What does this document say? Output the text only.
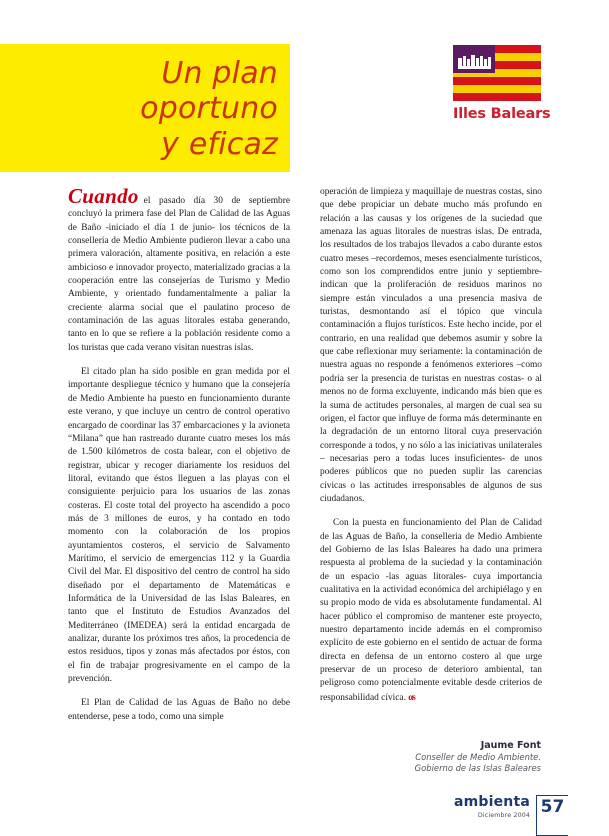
Un plan
oportuno
y eficaz
Illes Balears

Cuando el pasado día 30 de septiembre concluyó la primera fase del Plan de Calidad de las Aguas de Baño -iniciado el día 1 de junio- los técnicos de la conselleria de Medio Ambiente pudieron llevar a cabo una primera valoración, altamente positiva, en relación a este ambicioso e innovador proyecto, materializado gracias a la cooperación entre las consejerías de Turismo y Medio Ambiente, y orientado fundamentalmente a paliar la creciente alarma social que el paulatino proceso de contaminación de las aguas litorales estaba generando, tanto en lo que se refiere a la población residente como a los turistas que cada verano visitan nuestras islas.

El citado plan ha sido posible en gran medida por el importante despliegue técnico y humano que la consejería de Medio Ambiente ha puesto en funcionamiento durante este verano, y que incluye un centro de control operativo encargado de coordinar las 37 embarcaciones y la avioneta “Milana” que han rastreado durante cuatro meses los más de 1.500 kilómetros de costa balear, con el objetivo de registrar, ubicar y recoger diariamente los residuos del litoral, evitando que éstos lleguen a las playas con el consiguiente perjuicio para los usuarios de las zonas costeras. El coste total del proyecto ha ascendido a poco más de 3 millones de euros, y ha contado en todo momento con la colaboración de los propios ayuntamientos costeros, el servicio de Salvamento Marítimo, el servicio de emergencias 112 y la Guardia Civil del Mar. El dispositivo del centro de control ha sido diseñado por el departamento de Matemáticas e Informática de la Universidad de las Islas Baleares, en tanto que el Instituto de Estudios Avanzados del Mediterráneo (IMEDEA) será la entidad encargada de analizar, durante los próximos tres años, la procedencia de estos residuos, tipos y zonas más afectados por éstos, con el fin de trabajar progresivamente en el campo de la prevención.

El Plan de Calidad de las Aguas de Baño no debe entenderse, pese a todo, como una simple

operación de limpieza y maquillaje de nuestras costas, sino que debe propiciar un debate mucho más profundo en relación a las causas y los orígenes de la suciedad que amenaza las aguas litorales de nuestras islas. De entrada, los resultados de los trabajos llevados a cabo durante estos cuatro meses –recordemos, meses esencialmente turísticos, como son los comprendidos entre junio y septiembre- indican que la proliferación de residuos marinos no siempre están vinculados a una presencia masiva de turistas, desmontando así el tópico que vincula contaminación a flujos turísticos. Este hecho incide, por el contrario, en una realidad que debemos asumir y sobre la que cabe reflexionar muy seriamente: la contaminación de nuestra aguas no responde a fenómenos exteriores –como podría ser la presencia de turistas en nuestras costas- o al menos no de forma excluyente, indicando más bien que es la suma de actitudes personales, al margen de cual sea su origen, el factor que influye de forma más determinante en la degradación de un entorno litoral cuya preservación corresponde a todos, y no sólo a las iniciativas unilaterales – necesarias pero a todas luces insuficientes- de unos poderes públicos que no pueden suplir las carencias cívicas o las actitudes irresponsables de algunos de sus ciudadanos.

Con la puesta en funcionamiento del Plan de Calidad de las Aguas de Baño, la conselleria de Medio Ambiente del Gobierno de las Islas Baleares ha dado una primera respuesta al problema de la suciedad y la contaminación de un espacio -las aguas litorales- cuya importancia cualitativa en la actividad económica del archipiélago y en su propio modo de vida es absolutamente fundamental. Al hacer público el compromiso de mantener este proyecto, nuestro departamento incide además en el compromiso explícito de este gobierno en el sentido de actuar de forma directa en defensa de un entorno costero al que urge preservar de un proceso de deterioro ambiental, tan peligroso como potencialmente evitable desde criterios de responsabilidad cívica. αѕ

Jaume Font
Conseller de Medio Ambiente.
Gobierno de las Islas Baleares
ambienta
Diciembre 2004 57
